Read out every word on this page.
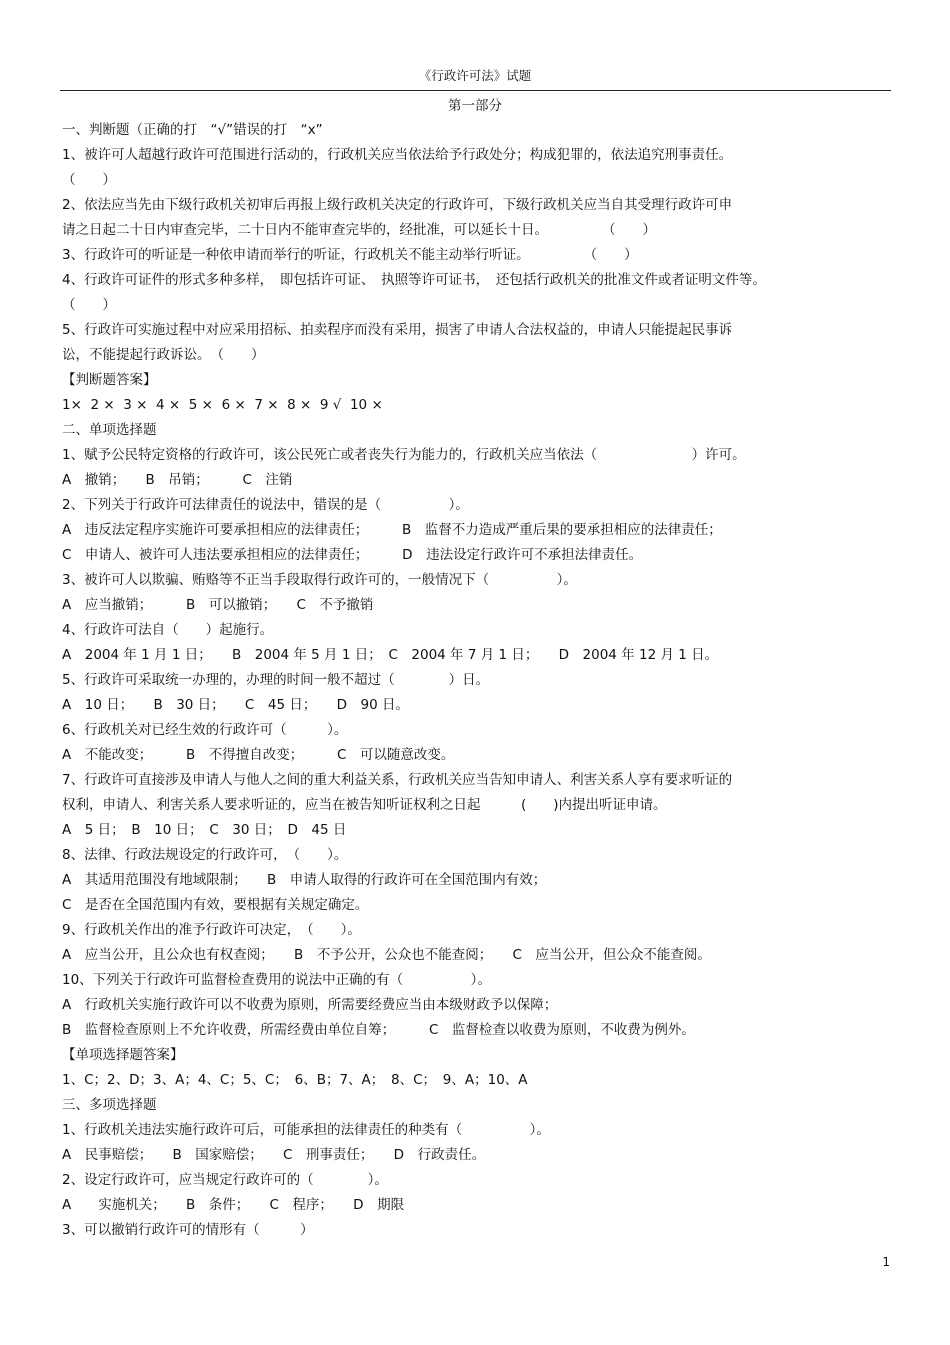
《行政许可法》试题
第一部分
一、判断题（正确的打　“√”错误的打　“ⅹ”
1、被许可人超越行政许可范围进行活动的，行政机关应当依法给予行政处分；构成犯罪的，依法追究刑事责任。
（　　）
2、依法应当先由下级行政机关初审后再报上级行政机关决定的行政许可，下级行政机关应当自其受理行政许可申
请之日起二十日内审查完毕，二十日内不能审查完毕的，经批准，可以延长十日。　　　　　（　　）
3、行政许可的听证是一种依申请而举行的听证，行政机关不能主动举行听证。　　　　　（　　）
4、行政许可证件的形式多种多样，　即包括许可证、　执照等许可证书，　还包括行政机关的批准文件或者证明文件等。
（　　）
5、行政许可实施过程中对应采用招标、拍卖程序而没有采用，损害了申请人合法权益的，申请人只能提起民事诉
讼，不能提起行政诉讼。　（　　）
【判断题答案】
1×  2 ×  3 ×  4 ×  5 ×  6 ×  7 ×  8 ×  9 √  10 ×
二、单项选择题
1、赋予公民特定资格的行政许可，该公民死亡或者丧失行为能力的，行政机关应当依法（　　　　　　　）许可。
A　撤销；　　B　吊销；　　　C　注销
2、下列关于行政许可法律责任的说法中，错误的是（　　　　　）。
A　违反法定程序实施许可要承担相应的法律责任；　　　B　监督不力造成严重后果的要承担相应的法律责任；
C　申请人、被许可人违法要承担相应的法律责任；　　　D　违法设定行政许可不承担法律责任。
3、被许可人以欺骗、贿赂等不正当手段取得行政许可的，一般情况下（　　　　　）。
A　应当撤销；　　　B　可以撤销；　　C　不予撤销
4、行政许可法自（　　）起施行。
A　2004 年 1 月 1 日；　　B　2004 年 5 月 1 日；　C　2004 年 7 月 1 日；　　D　2004 年 12 月 1 日。
5、行政许可采取统一办理的，办理的时间一般不超过（　　　　）日。
A　10 日；　　B　30 日；　　C　45 日；　　D　90 日。
6、行政机关对已经生效的行政许可（　　　）。
A　不能改变；　　　B　不得擅自改变；　　　C　可以随意改变。
7、行政许可直接涉及申请人与他人之间的重大利益关系，行政机关应当告知申请人、利害关系人享有要求听证的
权利，申请人、利害关系人要求听证的，应当在被告知听证权利之日起　　　(　　)内提出听证申请。
A　5 日；　B　10 日；　C　30 日；　D　45 日
8、法律、行政法规设定的行政许可，　（　　）。
A　其适用范围没有地域限制；　　B　申请人取得的行政许可在全国范围内有效；
C　是否在全国范围内有效，要根据有关规定确定。
9、行政机关作出的准予行政许可决定，　（　　）。
A　应当公开，且公众也有权查阅；　　B　不予公开，公众也不能查阅；　　C　应当公开，但公众不能查阅。
10、下列关于行政许可监督检查费用的说法中正确的有（　　　　　）。
A　行政机关实施行政许可以不收费为原则，所需要经费应当由本级财政予以保障；
B　监督检查原则上不允许收费，所需经费由单位自筹；　　　C　监督检查以收费为原则，不收费为例外。
【单项选择题答案】
1、C；2、D；3、A；4、C；5、C；　6、B；7、A；　8、C；　9、A；10、A
三、多项选择题
1、行政机关违法实施行政许可后，可能承担的法律责任的种类有（　　　　　）。
A　民事赔偿；　　B　国家赔偿；　　C　刑事责任；　　D　行政责任。
2、设定行政许可，应当规定行政许可的（　　　　）。
A　　实施机关；　　B　条件；　　C　程序；　　D　期限
3、可以撤销行政许可的情形有（　　　）
1
